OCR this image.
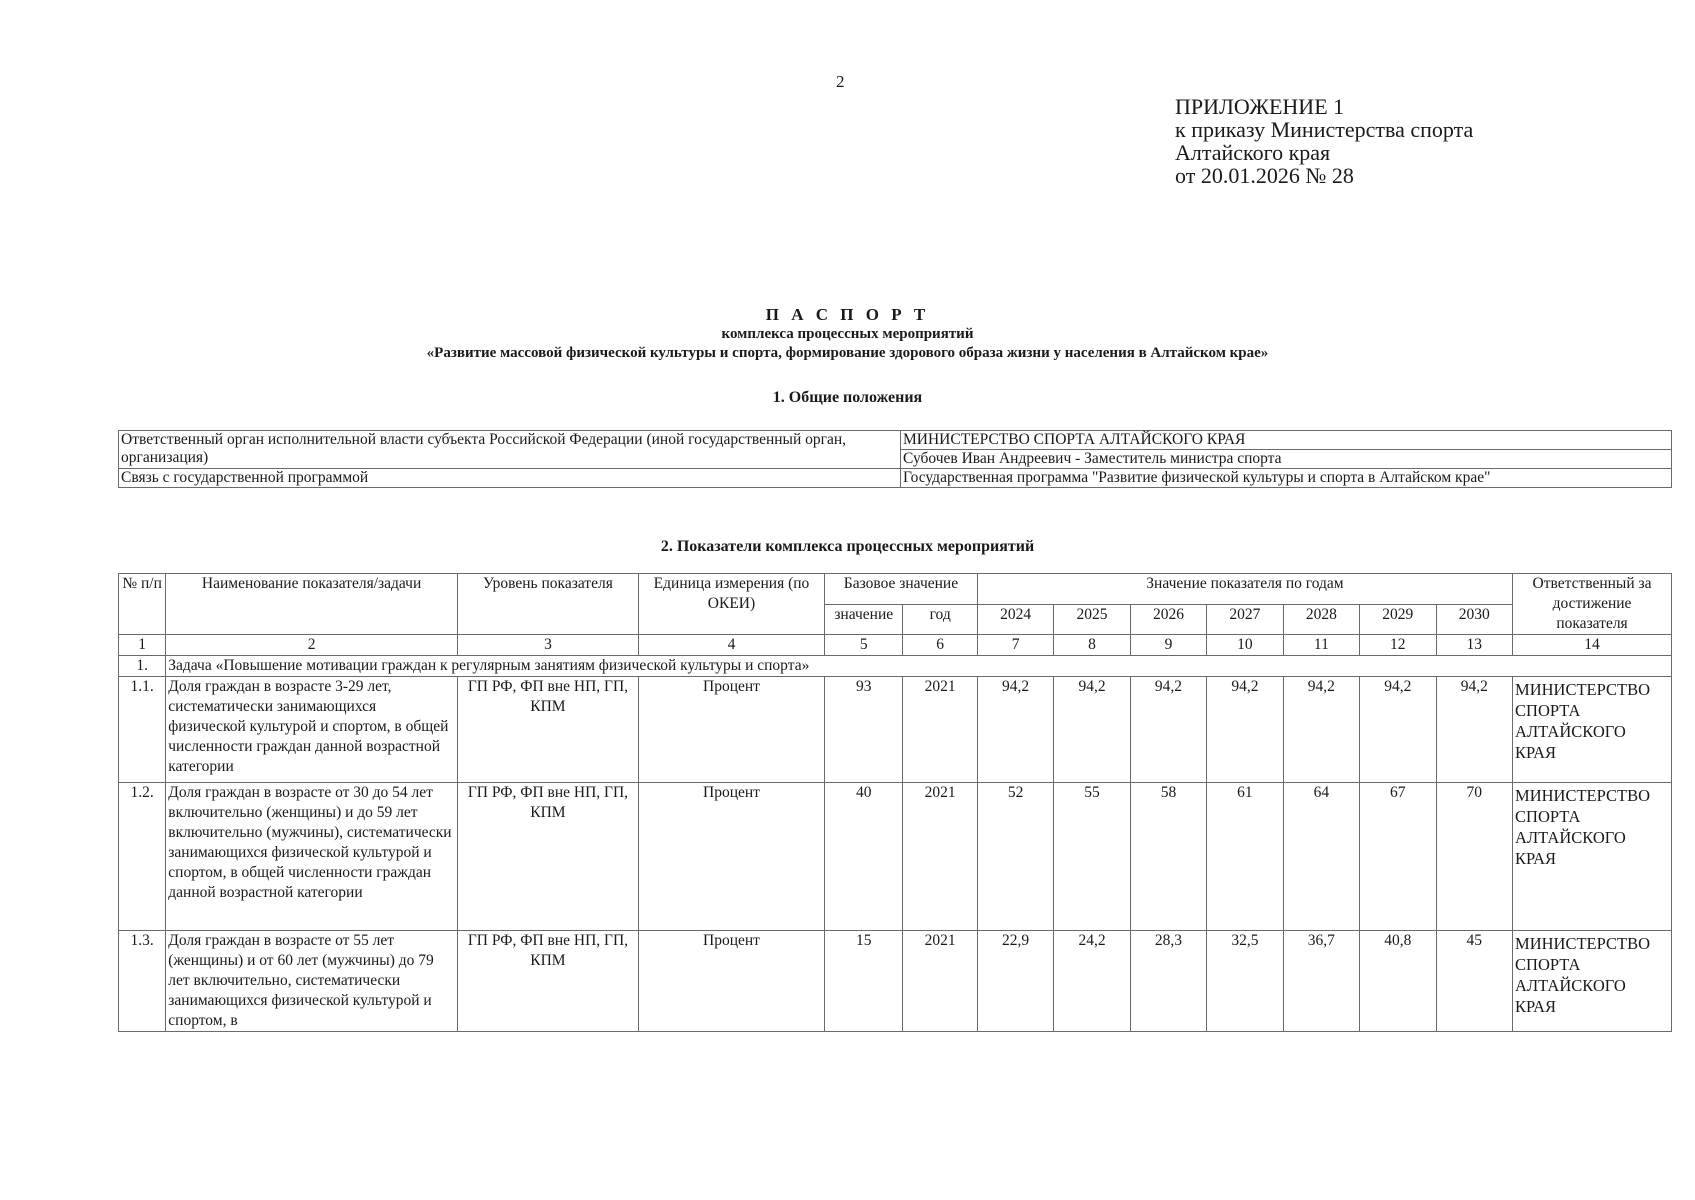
2
ПРИЛОЖЕНИЕ 1
к приказу Министерства спорта
Алтайского края
от 20.01.2026 № 28
П А С П О Р Т
комплекса процессных мероприятий
«Развитие массовой физической культуры и спорта, формирование здорового образа жизни у населения в Алтайском крае»
1. Общие положения
Ответственный орган исполнительной власти субъекта Российской Федерации (иной государственный орган, организация)	МИНИСТЕРСТВО СПОРТА АЛТАЙСКОГО КРАЯ
	Субочев Иван Андреевич - Заместитель министра спорта
Связь с государственной программой	Государственная программа "Развитие физической культуры и спорта в Алтайском крае"
2. Показатели комплекса процессных мероприятий
№ п/п	Наименование показателя/задачи	Уровень показателя	Единица измерения (по ОКЕИ)	Базовое значение		Значение показателя по годам							Ответственный за достижение показателя
				значение	год	2024	2025	2026	2027	2028	2029	2030	
1	2	3	4	5	6	7	8	9	10	11	12	13	14
1.	Задача «Повышение мотивации граждан к регулярным занятиям физической культуры и спорта»												
1.1.	Доля граждан в возрасте 3-29 лет, систематически занимающихся физической культурой и спортом, в общей численности граждан данной возрастной категории	ГП РФ, ФП вне НП, ГП, КПМ	Процент	93	2021	94,2	94,2	94,2	94,2	94,2	94,2	94,2	МИНИСТЕРСТВО СПОРТА АЛТАЙСКОГО КРАЯ
1.2.	Доля граждан в возрасте от 30 до 54 лет включительно (женщины) и до 59 лет включительно (мужчины), систематически занимающихся физической культурой и спортом, в общей численности граждан данной возрастной категории	ГП РФ, ФП вне НП, ГП, КПМ	Процент	40	2021	52	55	58	61	64	67	70	МИНИСТЕРСТВО СПОРТА АЛТАЙСКОГО КРАЯ
1.3.	Доля граждан в возрасте от 55 лет (женщины) и от 60 лет (мужчины) до 79 лет включительно, систематически занимающихся физической культурой и спортом, в	ГП РФ, ФП вне НП, ГП, КПМ	Процент	15	2021	22,9	24,2	28,3	32,5	36,7	40,8	45	МИНИСТЕРСТВО СПОРТА АЛТАЙСКОГО КРАЯ
